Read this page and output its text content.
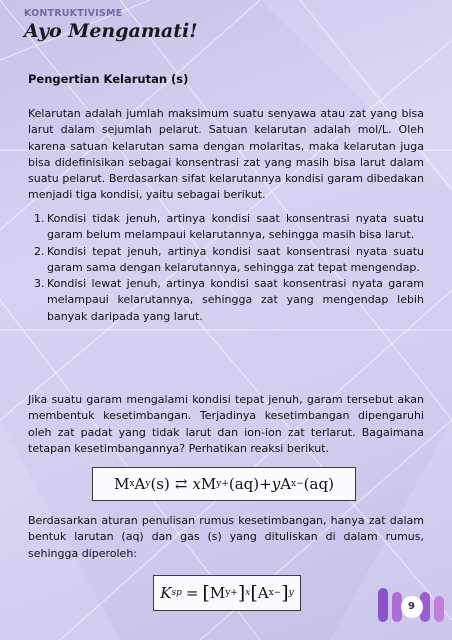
KONTRUKTIVISME
Ayo Mengamati!
Pengertian Kelarutan (s)

Kelarutan adalah jumlah maksimum suatu senyawa atau zat yang bisa larut dalam sejumlah pelarut. Satuan kelarutan adalah mol/L. Oleh karena satuan kelarutan sama dengan molaritas, maka kelarutan juga bisa didefinisikan sebagai konsentrasi zat yang masih bisa larut dalam suatu pelarut. Berdasarkan sifat kelarutannya kondisi garam dibedakan menjadi tiga kondisi, yaitu sebagai berikut.

1. Kondisi tidak jenuh, artinya kondisi saat konsentrasi nyata suatu garam belum melampaui kelarutannya, sehingga masih bisa larut.
2. Kondisi tepat jenuh, artinya kondisi saat konsentrasi nyata suatu garam sama dengan kelarutannya, sehingga zat tepat mengendap.
3. Kondisi lewat jenuh, artinya kondisi saat konsentrasi nyata garam melampaui kelarutannya, sehingga zat yang mengendap lebih banyak daripada yang larut.

Jika suatu garam mengalami kondisi tepat jenuh, garam tersebut akan membentuk kesetimbangan. Terjadinya kesetimbangan dipengaruhi oleh zat padat yang tidak larut dan ion-ion zat terlarut. Bagaimana tetapan kesetimbangannya? Perhatikan reaksi berikut.

M x A y (s) ⇄ x M y+ (aq) + y A x− (aq)

Berdasarkan aturan penulisan rumus kesetimbangan, hanya zat dalam bentuk larutan (aq) dan gas (s) yang dituliskan di dalam rumus, sehingga diperoleh:

K sp = [ M y+ ] x [ A x− ] y
9
